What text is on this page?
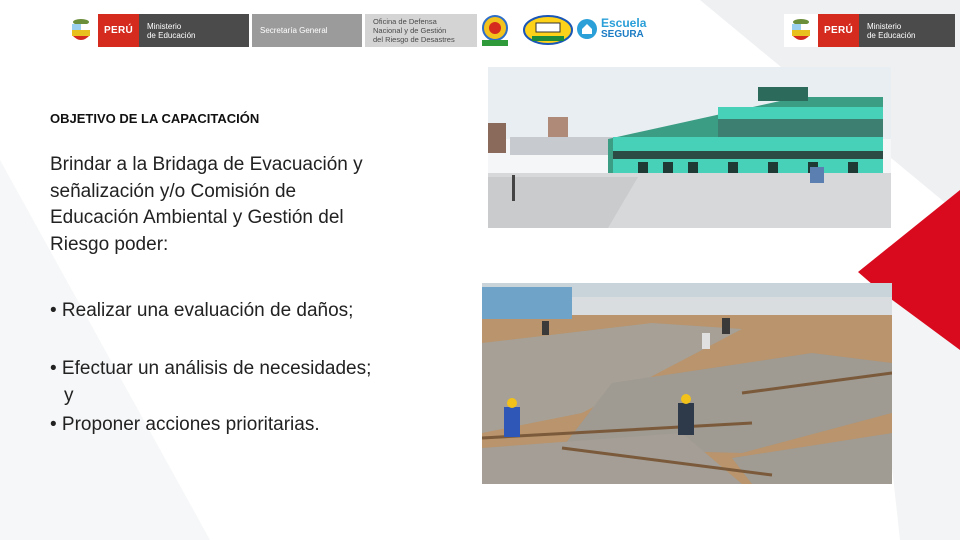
PERÚ	Ministerio
de Educación	Secretaría General
Oficina de Defensa
Nacional y de Gestión
del Riesgo de Desastres
Escuela
SEGURA	PERÚ	Ministerio
de Educación
OBJETIVO DE LA CAPACITACIÓN

Brindar a la Bridaga de Evacuación y

señalización y/o Comisión de

Educación Ambiental y Gestión del

Riesgo poder:

• Realizar una evaluación de daños;
• Efectuar un análisis de necesidades;
y
• Proponer acciones prioritarias.
